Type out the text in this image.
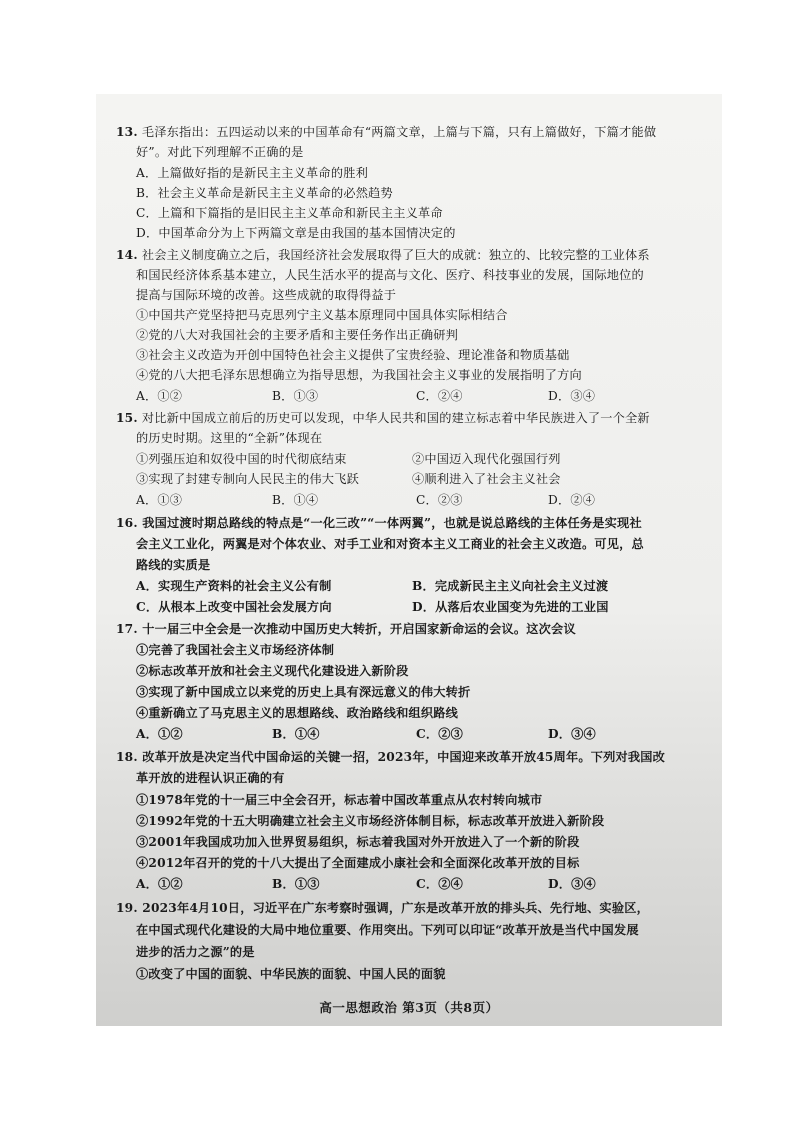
13. 毛泽东指出：五四运动以来的中国革命有“两篇文章，上篇与下篇，只有上篇做好，下篇才能做
好”。对此下列理解不正确的是
A．上篇做好指的是新民主主义革命的胜利
B．社会主义革命是新民主主义革命的必然趋势
C．上篇和下篇指的是旧民主主义革命和新民主主义革命
D．中国革命分为上下两篇文章是由我国的基本国情决定的
14. 社会主义制度确立之后，我国经济社会发展取得了巨大的成就：独立的、比较完整的工业体系
和国民经济体系基本建立，人民生活水平的提高与文化、医疗、科技事业的发展，国际地位的
提高与国际环境的改善。这些成就的取得得益于
①中国共产党坚持把马克思列宁主义基本原理同中国具体实际相结合
②党的八大对我国社会的主要矛盾和主要任务作出正确研判
③社会主义改造为开创中国特色社会主义提供了宝贵经验、理论准备和物质基础
④党的八大把毛泽东思想确立为指导思想，为我国社会主义事业的发展指明了方向
A．①②	B．①③	C．②④	D．③④
15. 对比新中国成立前后的历史可以发现，中华人民共和国的建立标志着中华民族进入了一个全新
的历史时期。这里的“全新”体现在
①列强压迫和奴役中国的时代彻底结束	②中国迈入现代化强国行列
③实现了封建专制向人民民主的伟大飞跃	④顺利进入了社会主义社会
A．①③	B．①④	C．②③	D．②④
16. 我国过渡时期总路线的特点是“一化三改”“一体两翼”，也就是说总路线的主体任务是实现社
会主义工业化，两翼是对个体农业、对手工业和对资本主义工商业的社会主义改造。可见，总
路线的实质是
A．实现生产资料的社会主义公有制	B．完成新民主主义向社会主义过渡
C．从根本上改变中国社会发展方向	D．从落后农业国变为先进的工业国
17. 十一届三中全会是一次推动中国历史大转折，开启国家新命运的会议。这次会议
①完善了我国社会主义市场经济体制
②标志改革开放和社会主义现代化建设进入新阶段
③实现了新中国成立以来党的历史上具有深远意义的伟大转折
④重新确立了马克思主义的思想路线、政治路线和组织路线
A．①②	B．①④	C．②③	D．③④
18. 改革开放是决定当代中国命运的关键一招，2023年，中国迎来改革开放45周年。下列对我国改
革开放的进程认识正确的有
①1978年党的十一届三中全会召开，标志着中国改革重点从农村转向城市
②1992年党的十五大明确建立社会主义市场经济体制目标，标志改革开放进入新阶段
③2001年我国成功加入世界贸易组织，标志着我国对外开放进入了一个新的阶段
④2012年召开的党的十八大提出了全面建成小康社会和全面深化改革开放的目标
A．①②	B．①③	C．②④	D．③④
19. 2023年4月10日，习近平在广东考察时强调，广东是改革开放的排头兵、先行地、实验区，
在中国式现代化建设的大局中地位重要、作用突出。下列可以印证“改革开放是当代中国发展
进步的活力之源”的是
①改变了中国的面貌、中华民族的面貌、中国人民的面貌
高一思想政治 第3页（共8页）
